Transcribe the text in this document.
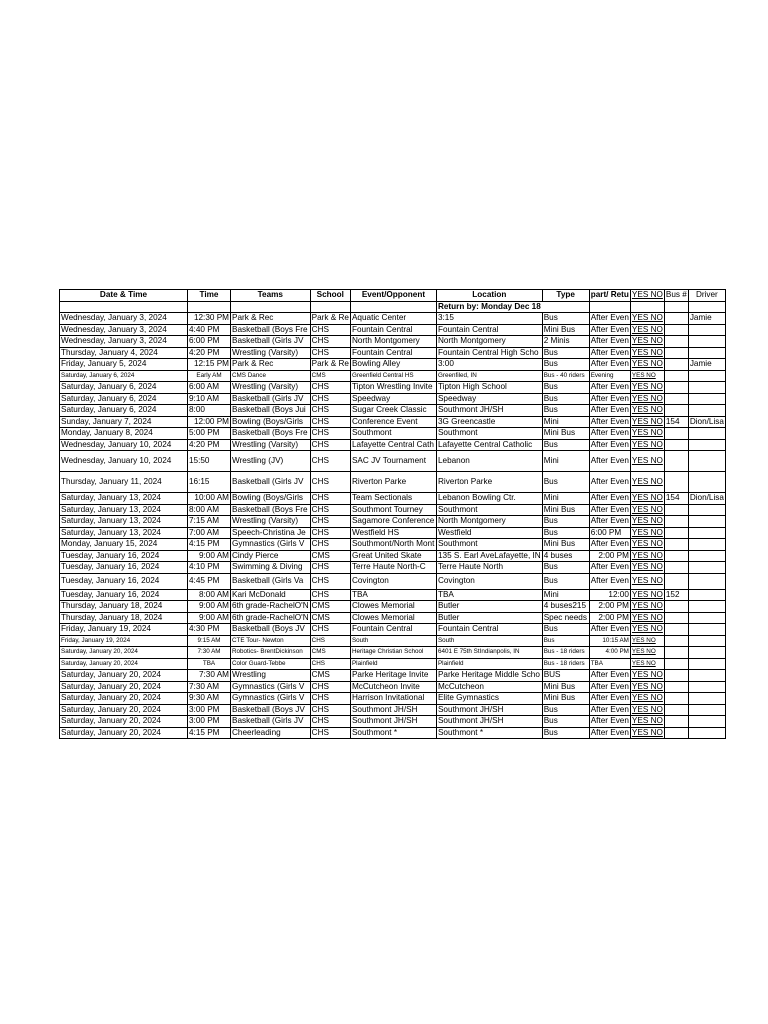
Date & Time	Time	Teams	School	Event/Opponent	Location	Type	part/ Retu	YES NO	Bus #	Driver
					Return by: Monday Dec 18					
Wednesday, January 3, 2024	12:30 PM	Park & Rec	Park & Re	Aquatic Center	3:15	Bus	After Even	YES NO		Jamie
Wednesday, January 3, 2024	4:40 PM	Basketball (Boys Fre	CHS	Fountain Central	Fountain Central	Mini Bus	After Even	YES NO		
Wednesday, January 3, 2024	6:00 PM	Basketball (Girls JV	CHS	North Montgomery	North Montgomery	2 Minis	After Even	YES NO		
Thursday, January 4, 2024	4:20 PM	Wrestling (Varsity)	CHS	Fountain Central	Fountain Central High Scho	Bus	After Even	YES NO		
Friday, January 5, 2024	12:15 PM	Park & Rec	Park & Re	Bowling Alley	3:00	Bus	After Even	YES NO		Jamie
Saturday, January 6, 2024	Early AM	CMS Dance	CMS	Greenfield Central HS	Greenfiled, IN	Bus - 40 riders	Evening	YES NO		
Saturday, January 6, 2024	6:00 AM	Wrestling (Varsity)	CHS	Tipton Wrestling Invite	Tipton High School	Bus	After Even	YES NO		
Saturday, January 6, 2024	9:10 AM	Basketball (Girls JV	CHS	Speedway	Speedway	Bus	After Even	YES NO		
Saturday, January 6, 2024	8:00	Basketball (Boys Jui	CHS	Sugar Creek Classic	Southmont JH/SH	Bus	After Even	YES NO		
Sunday, January 7, 2024	12:00 PM	Bowling (Boys/Girls	CHS	Conference Event	3G Greencastle	Mini	After Even	YES NO	154	Dion/Lisa
Monday, January 8, 2024	5:00 PM	Basketball (Boys Fre	CHS	Southmont	Southmont	Mini Bus	After Even	YES NO		
Wednesday, January 10, 2024	4:20 PM	Wrestling (Varsity)	CHS	Lafayette Central Cath	Lafayette Central Catholic	Bus	After Even	YES NO		
Wednesday, January 10, 2024	15:50	Wrestling (JV)	CHS	SAC JV Tournament	Lebanon	Mini	After Even	YES NO		
Thursday, January 11, 2024	16:15	Basketball (Girls JV	CHS	Riverton Parke	Riverton Parke	Bus	After Even	YES NO		
Saturday, January 13, 2024	10:00 AM	Bowling (Boys/Girls	CHS	Team Sectionals	Lebanon Bowling Ctr.	Mini	After Even	YES NO	154	Dion/Lisa
Saturday, January 13, 2024	8:00 AM	Basketball (Boys Fre	CHS	Southmont Tourney	Southmont	Mini Bus	After Even	YES NO		
Saturday, January 13, 2024	7:15 AM	Wrestling (Varsity)	CHS	Sagamore Conference	North Montgomery	Bus	After Even	YES NO		
Saturday, January 13, 2024	7:00 AM	Speech-Christina Je	CHS	Westfield HS	Westfield	Bus	6:00 PM	YES NO		
Monday, January 15, 2024	4:15 PM	Gymnastics (Girls V	CHS	Southmont/North Mont	Southmont	Mini Bus	After Even	YES NO		
Tuesday, January 16, 2024	9:00 AM	Cindy Pierce	CMS	Great United Skate	135 S. Earl AveLafayette, IN	4 buses	2:00 PM	YES NO		
Tuesday, January 16, 2024	4:10 PM	Swimming & Diving	CHS	Terre Haute North-C	Terre Haute North	Bus	After Even	YES NO		
Tuesday, January 16, 2024	4:45 PM	Basketball (Girls Va	CHS	Covington	Covington	Bus	After Even	YES NO		
Tuesday, January 16, 2024	8:00 AM	Kari McDonald	CHS	TBA	TBA	Mini	12:00	YES NO	152	
Thursday, January 18, 2024	9:00 AM	6th grade-RachelO'N	CMS	Clowes Memorial	Butler	4 buses215	2:00 PM	YES NO		
Thursday, January 18, 2024	9:00 AM	6th grade-RachelO'N	CMS	Clowes Memorial	Butler	Spec needs	2:00 PM	YES NO		
Friday, January 19, 2024	4:30 PM	Basketball (Boys JV	CHS	Fountain Central	Fountain Central	Bus	After Even	YES NO		
Friday, January 19, 2024	9:15 AM	CTE Tour- Newton	CHS	South	South	Bus	10:15 AM	YES NO		
Saturday, January 20, 2024	7:30 AM	Robotics- BrentDickinson	CMS	Heritage Christian School	6401 E 75th StIndianpolis, IN	Bus - 18 riders	4:00 PM	YES NO		
Saturday, January 20, 2024	TBA	Color Guard-Tebbe	CHS	Plainfield	Plainfield	Bus - 18 riders	TBA	YES NO		
Saturday, January 20, 2024	7:30 AM	Wrestling	CMS	Parke Heritage Invite	Parke Heritage Middle Scho	BUS	After Even	YES NO		
Saturday, January 20, 2024	7:30 AM	Gymnastics (Girls V	CHS	McCutcheon Invite	McCutcheon	Mini Bus	After Even	YES NO		
Saturday, January 20, 2024	9:30 AM	Gymnastics (Girls V	CHS	Harrison Invitational	Elite Gymnastics	Mini Bus	After Even	YES NO		
Saturday, January 20, 2024	3:00 PM	Basketball (Boys JV	CHS	Southmont JH/SH	Southmont JH/SH	Bus	After Even	YES NO		
Saturday, January 20, 2024	3:00 PM	Basketball (Girls JV	CHS	Southmont JH/SH	Southmont JH/SH	Bus	After Even	YES NO		
Saturday, January 20, 2024	4:15 PM	Cheerleading	CHS	Southmont *	Southmont *	Bus	After Even	YES NO		
